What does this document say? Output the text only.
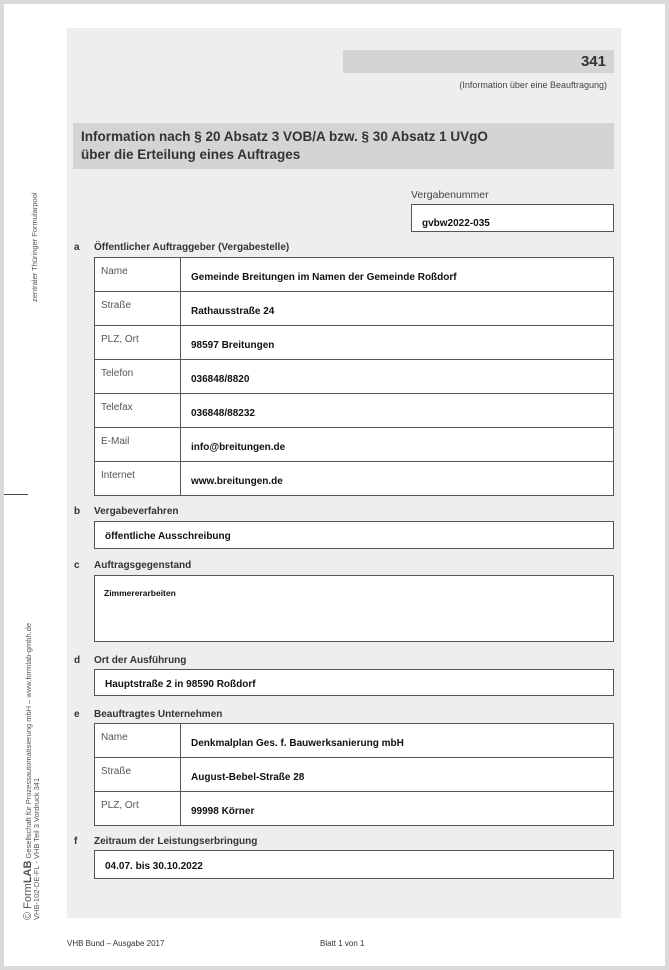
341
(Information über eine Beauftragung)
Information nach § 20 Absatz 3 VOB/A bzw. § 30 Absatz 1 UVgO
über die Erteilung eines Auftrages
Vergabenummer
gvbw2022-035
a Öffentlicher Auftraggeber (Vergabestelle)
Name	Gemeinde Breitungen im Namen der Gemeinde Roßdorf
Straße	Rathausstraße 24
PLZ, Ort	98597 Breitungen
Telefon	036848/8820
Telefax	036848/88232
E-Mail	info@breitungen.de
Internet	www.breitungen.de
b Vergabeverfahren
öffentliche Ausschreibung
c Auftragsgegenstand
Zimmererarbeiten
d Ort der Ausführung
Hauptstraße 2 in 98590 Roßdorf
e Beauftragtes Unternehmen
Name	Denkmalplan Ges. f. Bauwerksanierung mbH
Straße	August-Bebel-Straße 28
PLZ, Ort	99998 Körner
f Zeitraum der Leistungserbringung
04.07. bis 30.10.2022
zentraler Thüringer Formularpool
© FormLAB Gesellschaft für Prozessautomatisierung mbH – www.formlab-gmbh.de VHB-102-DE-FL - VHB Teil 3 Vordruck 341
VHB Bund – Ausgabe 2017	Blatt 1 von 1
